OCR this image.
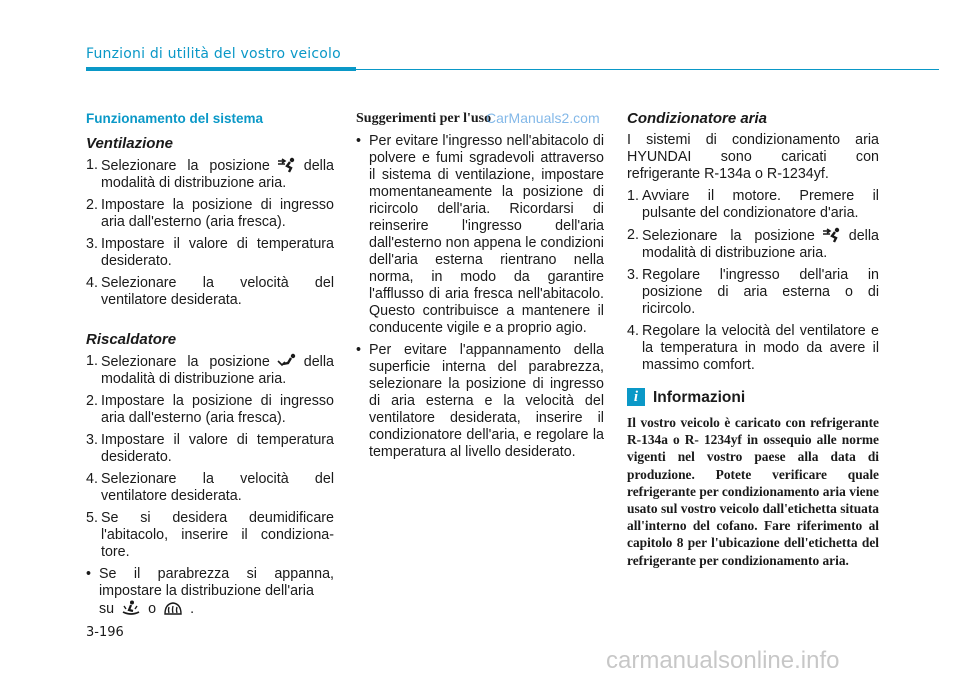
Funzioni di utilità del vostro veicolo
Funzionamento del sistema
Ventilazione
1. Selezionare la posizione della modalità di distribuzione aria.
2. Impostare la posizione di ingresso aria dall'esterno (aria fresca).
3. Impostare il valore di temperatura desiderato.
4. Selezionare la velocità del ventilatore desiderata.
Riscaldatore
1. Selezionare la posizione della modalità di distribuzione aria.
2. Impostare la posizione di ingresso aria dall'esterno (aria fresca).
3. Impostare il valore di temperatura desiderato.
4. Selezionare la velocità del ventilatore desiderata.
5. Se si desidera deumidificare l'abitacolo, inserire il condiziona-tore.
• Se il parabrezza si appanna, impostare la distribuzione dell'aria
su o .
Suggerimenti per l'uso
• Per evitare l'ingresso nell'abitacolo di polvere e fumi sgradevoli attraverso il sistema di ventilazione, impostare momentaneamente la posizione di ricircolo dell'aria. Ricordarsi di reinserire l'ingresso dell'aria dall'esterno non appena le condizioni dell'aria esterna rientrano nella norma, in modo da garantire l'afflusso di aria fresca nell'abitacolo. Questo contribuisce a mantenere il conducente vigile e a proprio agio.
• Per evitare l'appannamento della superficie interna del parabrezza, selezionare la posizione di ingresso di aria esterna e la velocità del ventilatore desiderata, inserire il condizionatore dell'aria, e regolare la temperatura al livello desiderato.
Condizionatore aria
I sistemi di condizionamento aria HYUNDAI sono caricati con refrigerante R-134a o R-1234yf.
1. Avviare il motore. Premere il pulsante del condizionatore d'aria.
2. Selezionare la posizione della modalità di distribuzione aria.
3. Regolare l'ingresso dell'aria in posizione di aria esterna o di ricircolo.
4. Regolare la velocità del ventilatore e la temperatura in modo da avere il massimo comfort.
i Informazioni
Il vostro veicolo è caricato con refrigerante R-134a o R- 1234yf in ossequio alle norme vigenti nel vostro paese alla data di produzione. Potete verificare quale refrigerante per condizionamento aria viene usato sul vostro veicolo dall'etichetta situata all'interno del cofano. Fare riferimento al capitolo 8 per l'ubicazione dell'etichetta del refrigerante per condizionamento aria.
CarManuals2.com
3-196
carmanualsonline.info
